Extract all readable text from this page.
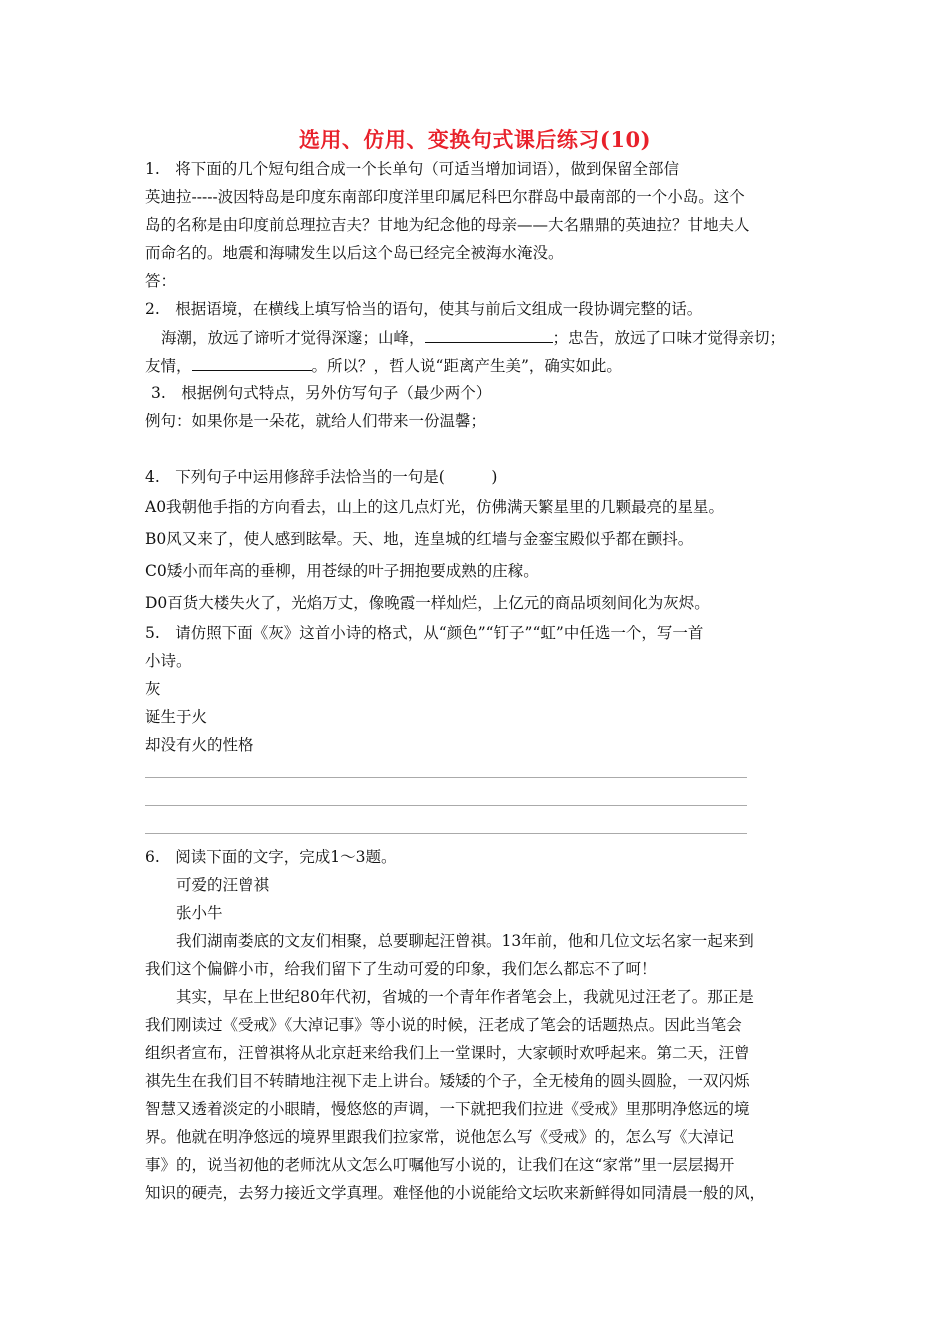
选用、仿用、变换句式课后练习(10)
1.　将下面的几个短句组合成一个长单句（可适当增加词语），做到保留全部信
英迪拉-----波因特岛是印度东南部印度洋里印属尼科巴尔群岛中最南部的一个小岛。这个
岛的名称是由印度前总理拉吉夫？甘地为纪念他的母亲——大名鼎鼎的英迪拉？甘地夫人
而命名的。地震和海啸发生以后这个岛已经完全被海水淹没。
答：
2.　根据语境，在横线上填写恰当的语句，使其与前后文组成一段协调完整的话。
海潮，放远了谛听才觉得深邃；山峰，	；忠告，放远了口味才觉得亲切；
友情，	。所以？，哲人说“距离产生美”，确实如此。
3.　根据例句式特点，另外仿写句子（最少两个）
例句：如果你是一朵花，就给人们带来一份温馨；
4.　下列句子中运用修辞手法恰当的一句是(　　　)
A0我朝他手指的方向看去，山上的这几点灯光，仿佛满天繁星里的几颗最亮的星星。
B0风又来了，使人感到眩晕。天、地，连皇城的红墙与金銮宝殿似乎都在颤抖。
C0矮小而年高的垂柳，用苍绿的叶子拥抱要成熟的庄稼。
D0百货大楼失火了，光焰万丈，像晚霞一样灿烂，上亿元的商品顷刻间化为灰烬。
5.　请仿照下面《灰》这首小诗的格式，从“颜色”“钉子”“虹”中任选一个，写一首
小诗。
灰
诞生于火
却没有火的性格
6.　阅读下面的文字，完成1～3题。
可爱的汪曾祺
张小牛
我们湖南娄底的文友们相聚，总要聊起汪曾祺。13年前，他和几位文坛名家一起来到
我们这个偏僻小市，给我们留下了生动可爱的印象，我们怎么都忘不了呵！
其实，早在上世纪80年代初，省城的一个青年作者笔会上，我就见过汪老了。那正是
我们刚读过《受戒》《大淖记事》等小说的时候，汪老成了笔会的话题热点。因此当笔会
组织者宣布，汪曾祺将从北京赶来给我们上一堂课时，大家顿时欢呼起来。第二天，汪曾
祺先生在我们目不转睛地注视下走上讲台。矮矮的个子，全无棱角的圆头圆脸，一双闪烁
智慧又透着淡定的小眼睛，慢悠悠的声调，一下就把我们拉进《受戒》里那明净悠远的境
界。他就在明净悠远的境界里跟我们拉家常，说他怎么写《受戒》的，怎么写《大淖记
事》的，说当初他的老师沈从文怎么叮嘱他写小说的，让我们在这“家常”里一层层揭开
知识的硬壳，去努力接近文学真理。难怪他的小说能给文坛吹来新鲜得如同清晨一般的风，
